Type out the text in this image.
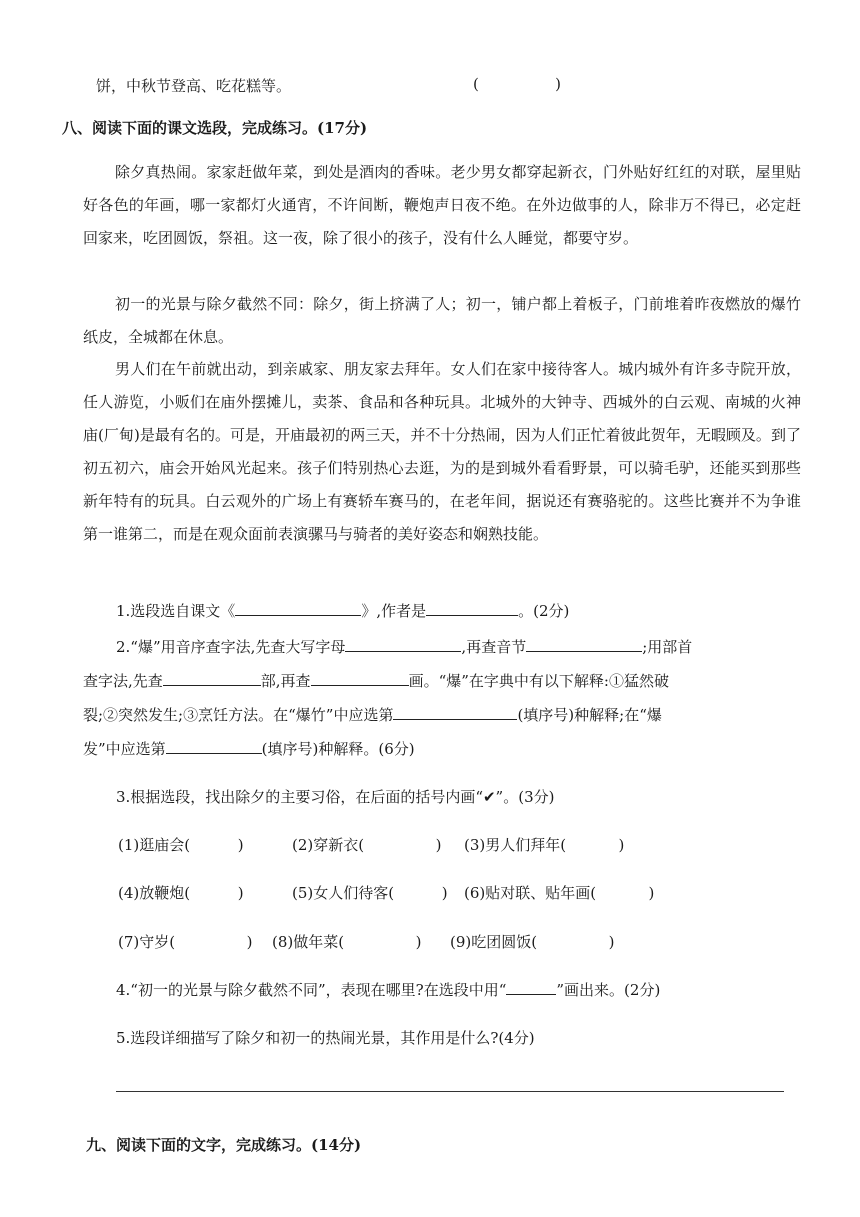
饼，中秋节登高、吃花糕等。	(                )
八、阅读下面的课文选段，完成练习。(17分)
除夕真热闹。家家赶做年菜，到处是酒肉的香味。老少男女都穿起新衣，门外贴好红红的对联，屋里贴好各色的年画，哪一家都灯火通宵，不许间断，鞭炮声日夜不绝。在外边做事的人，除非万不得已，必定赶回家来，吃团圆饭，祭祖。这一夜，除了很小的孩子，没有什么人睡觉，都要守岁。
初一的光景与除夕截然不同：除夕，街上挤满了人；初一，铺户都上着板子，门前堆着昨夜燃放的爆竹纸皮，全城都在休息。
男人们在午前就出动，到亲戚家、朋友家去拜年。女人们在家中接待客人。城内城外有许多寺院开放，任人游览，小贩们在庙外摆摊儿，卖茶、食品和各种玩具。北城外的大钟寺、西城外的白云观、南城的火神庙(厂甸)是最有名的。可是，开庙最初的两三天，并不十分热闹，因为人们正忙着彼此贺年，无暇顾及。到了初五初六，庙会开始风光起来。孩子们特别热心去逛，为的是到城外看看野景，可以骑毛驴，还能买到那些新年特有的玩具。白云观外的广场上有赛轿车赛马的，在老年间，据说还有赛骆驼的。这些比赛并不为争谁第一谁第二，而是在观众面前表演骡马与骑者的美好姿态和娴熟技能。
1.选段选自课文《	》,作者是	。(2分)
2.“爆”用音序查字法,先查大写字母	,再查音节	;用部首
查字法,先查	部,再查	画。“爆”在字典中有以下解释:①猛然破
裂;②突然发生;③烹饪方法。在“爆竹”中应选第	(填序号)种解释;在“爆
发”中应选第	(填序号)种解释。(6分)
3.根据选段，找出除夕的主要习俗，在后面的括号内画“✔”。(3分)
(1)逛庙会(          )	(2)穿新衣(               ) (3)男人们拜年(           )
(4)放鞭炮(          )	(5)女人们待客(          ) (6)贴对联、贴年画(           )
(7)守岁(               ) (8)做年菜(               ) (9)吃团圆饭(               )
4.“初一的光景与除夕截然不同”，表现在哪里?在选段中用“	”画出来。(2分)
5.选段详细描写了除夕和初一的热闹光景，其作用是什么?(4分)
九、阅读下面的文字，完成练习。(14分)
